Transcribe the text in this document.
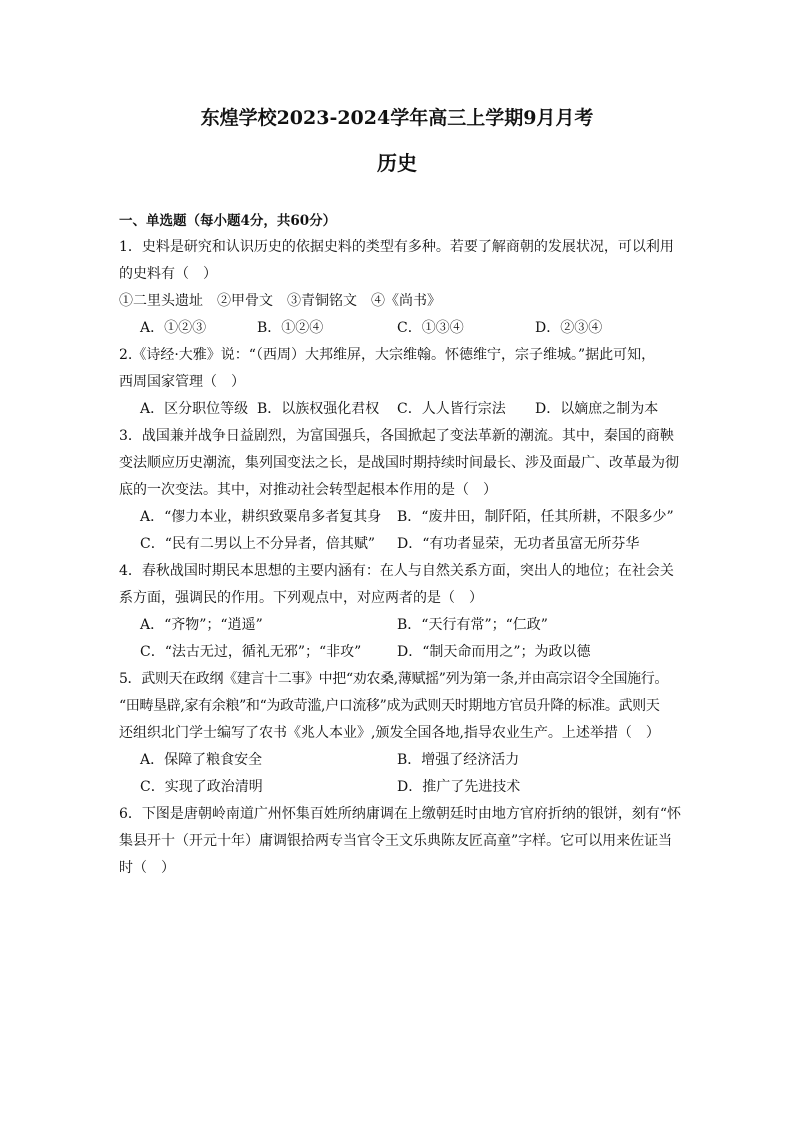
东煌学校2023-2024学年高三上学期9月月考
历史
一、单选题（每小题4分，共60分）
1．史料是研究和认识历史的依据史料的类型有多种。若要了解商朝的发展状况，可以利用
的史料有（　）
①二里头遗址　②甲骨文　③青铜铭文　④《尚书》
A．①②③	B．①②④	C．①③④	D．②③④
2.《诗经·大雅》说：“（西周）大邦维屏，大宗维翰。怀德维宁，宗子维城。”据此可知，
西周国家管理（　）
A．区分职位等级 B．以族权强化君权 C．人人皆行宗法 D．以嫡庶之制为本
3．战国兼并战争日益剧烈，为富国强兵，各国掀起了变法革新的潮流。其中，秦国的商鞅
变法顺应历史潮流，集列国变法之长，是战国时期持续时间最长、涉及面最广、改革最为彻
底的一次变法。其中，对推动社会转型起根本作用的是（　）
A．“僇力本业，耕织致粟帛多者复其身 B．“废井田，制阡陌，任其所耕，不限多少”
C．“民有二男以上不分异者，倍其赋” D．“有功者显荣，无功者虽富无所芬华
4．春秋战国时期民本思想的主要内涵有：在人与自然关系方面，突出人的地位；在社会关
系方面，强调民的作用。下列观点中，对应两者的是（　）
A．“齐物”；“逍遥”	B．“天行有常”；“仁政”
C．“法古无过，循礼无邪”；“非攻”	D．“制天命而用之”；为政以德
5．武则天在政纲《建言十二事》中把“劝农桑,薄赋摇”列为第一条,并由高宗诏令全国施行。
“田畴垦辟,家有余粮”和“为政苛滥,户口流移”成为武则天时期地方官员升降的标准。武则天
还组织北门学士编写了农书《兆人本业》,颁发全国各地,指导农业生产。上述举措（　）
A．保障了粮食安全	B．增强了经济活力
C．实现了政治清明	D．推广了先进技术
6．下图是唐朝岭南道广州怀集百姓所纳庸调在上缴朝廷时由地方官府折纳的银饼，刻有“怀
集县开十（开元十年）庸调银拾两专当官令王文乐典陈友匠高童”字样。它可以用来佐证当
时（　）
